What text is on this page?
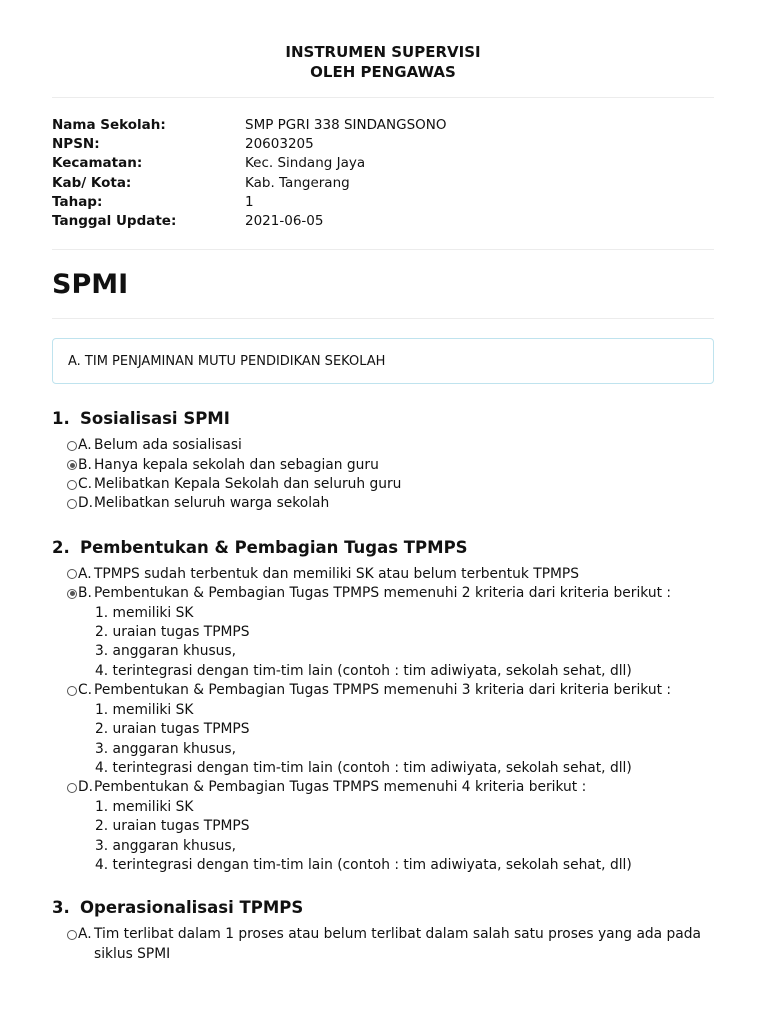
INSTRUMEN SUPERVISI
OLEH PENGAWAS
Nama Sekolah:	SMP PGRI 338 SINDANGSONO
NPSN:	20603205
Kecamatan:	Kec. Sindang Jaya
Kab/ Kota:	Kab. Tangerang
Tahap:	1
Tanggal Update:	2021-06-05
SPMI
A. TIM PENJAMINAN MUTU PENDIDIKAN SEKOLAH
1. Sosialisasi SPMI
A. Belum ada sosialisasi
B. Hanya kepala sekolah dan sebagian guru
C. Melibatkan Kepala Sekolah dan seluruh guru
D. Melibatkan seluruh warga sekolah
2. Pembentukan & Pembagian Tugas TPMPS
A. TPMPS sudah terbentuk dan memiliki SK atau belum terbentuk TPMPS
B. Pembentukan & Pembagian Tugas TPMPS memenuhi 2 kriteria dari kriteria berikut :
1. memiliki SK
2. uraian tugas TPMPS
3. anggaran khusus,
4. terintegrasi dengan tim-tim lain (contoh : tim adiwiyata, sekolah sehat, dll)
C. Pembentukan & Pembagian Tugas TPMPS memenuhi 3 kriteria dari kriteria berikut :
1. memiliki SK
2. uraian tugas TPMPS
3. anggaran khusus,
4. terintegrasi dengan tim-tim lain (contoh : tim adiwiyata, sekolah sehat, dll)
D. Pembentukan & Pembagian Tugas TPMPS memenuhi 4 kriteria berikut :
1. memiliki SK
2. uraian tugas TPMPS
3. anggaran khusus,
4. terintegrasi dengan tim-tim lain (contoh : tim adiwiyata, sekolah sehat, dll)
3. Operasionalisasi TPMPS
A. Tim terlibat dalam 1 proses atau belum terlibat dalam salah satu proses yang ada pada siklus SPMI
